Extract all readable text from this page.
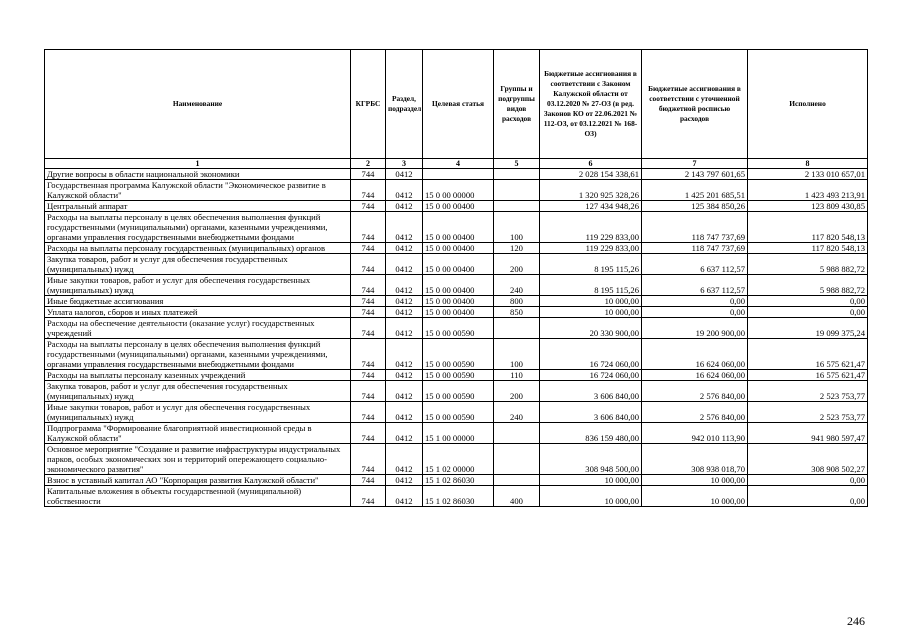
Наименование	КГРБС	Раздел, подраздел	Целевая статья	Группы и подгруппы видов расходов	Бюджетные ассигнования в соответствии с Законом Калужской области от 03.12.2020 № 27-ОЗ (в ред. Законов КО от 22.06.2021 № 112-ОЗ, от 03.12.2021 № 168-ОЗ)	Бюджетные ассигнования в соответствии с уточненной бюджетной росписью расходов	Исполнено
1	2	3	4	5	6	7	8
Другие вопросы в области национальной экономики	744	0412			2 028 154 338,61	2 143 797 601,65	2 133 010 657,01
Государственная программа Калужской области "Экономическое развитие в Калужской области"	744	0412	15 0 00 00000		1 320 925 328,26	1 425 201 685,51	1 423 493 213,91
Центральный аппарат	744	0412	15 0 00 00400		127 434 948,26	125 384 850,26	123 809 430,85
Расходы на выплаты персоналу в целях обеспечения выполнения функций государственными (муниципальными) органами, казенными учреждениями, органами управления государственными внебюджетными фондами	744	0412	15 0 00 00400	100	119 229 833,00	118 747 737,69	117 820 548,13
Расходы на выплаты персоналу государственных (муниципальных) органов	744	0412	15 0 00 00400	120	119 229 833,00	118 747 737,69	117 820 548,13
Закупка товаров, работ и услуг для обеспечения государственных (муниципальных) нужд	744	0412	15 0 00 00400	200	8 195 115,26	6 637 112,57	5 988 882,72
Иные закупки товаров, работ и услуг для обеспечения государственных (муниципальных) нужд	744	0412	15 0 00 00400	240	8 195 115,26	6 637 112,57	5 988 882,72
Иные бюджетные ассигнования	744	0412	15 0 00 00400	800	10 000,00	0,00	0,00
Уплата налогов, сборов и иных платежей	744	0412	15 0 00 00400	850	10 000,00	0,00	0,00
Расходы на обеспечение деятельности (оказание услуг) государственных учреждений	744	0412	15 0 00 00590		20 330 900,00	19 200 900,00	19 099 375,24
Расходы на выплаты персоналу в целях обеспечения выполнения функций государственными (муниципальными) органами, казенными учреждениями, органами управления государственными внебюджетными фондами	744	0412	15 0 00 00590	100	16 724 060,00	16 624 060,00	16 575 621,47
Расходы на выплаты персоналу казенных учреждений	744	0412	15 0 00 00590	110	16 724 060,00	16 624 060,00	16 575 621,47
Закупка товаров, работ и услуг для обеспечения государственных (муниципальных) нужд	744	0412	15 0 00 00590	200	3 606 840,00	2 576 840,00	2 523 753,77
Иные закупки товаров, работ и услуг для обеспечения государственных (муниципальных) нужд	744	0412	15 0 00 00590	240	3 606 840,00	2 576 840,00	2 523 753,77
Подпрограмма "Формирование благоприятной инвестиционной среды в Калужской области"	744	0412	15 1 00 00000		836 159 480,00	942 010 113,90	941 980 597,47
Основное мероприятие "Создание и развитие инфраструктуры индустриальных парков, особых экономических зон и территорий опережающего социально-экономического развития"	744	0412	15 1 02 00000		308 948 500,00	308 938 018,70	308 908 502,27
Взнос в уставный капитал АО "Корпорация развития Калужской области"	744	0412	15 1 02 86030		10 000,00	10 000,00	0,00
Капитальные вложения в объекты государственной (муниципальной) собственности	744	0412	15 1 02 86030	400	10 000,00	10 000,00	0,00
246
